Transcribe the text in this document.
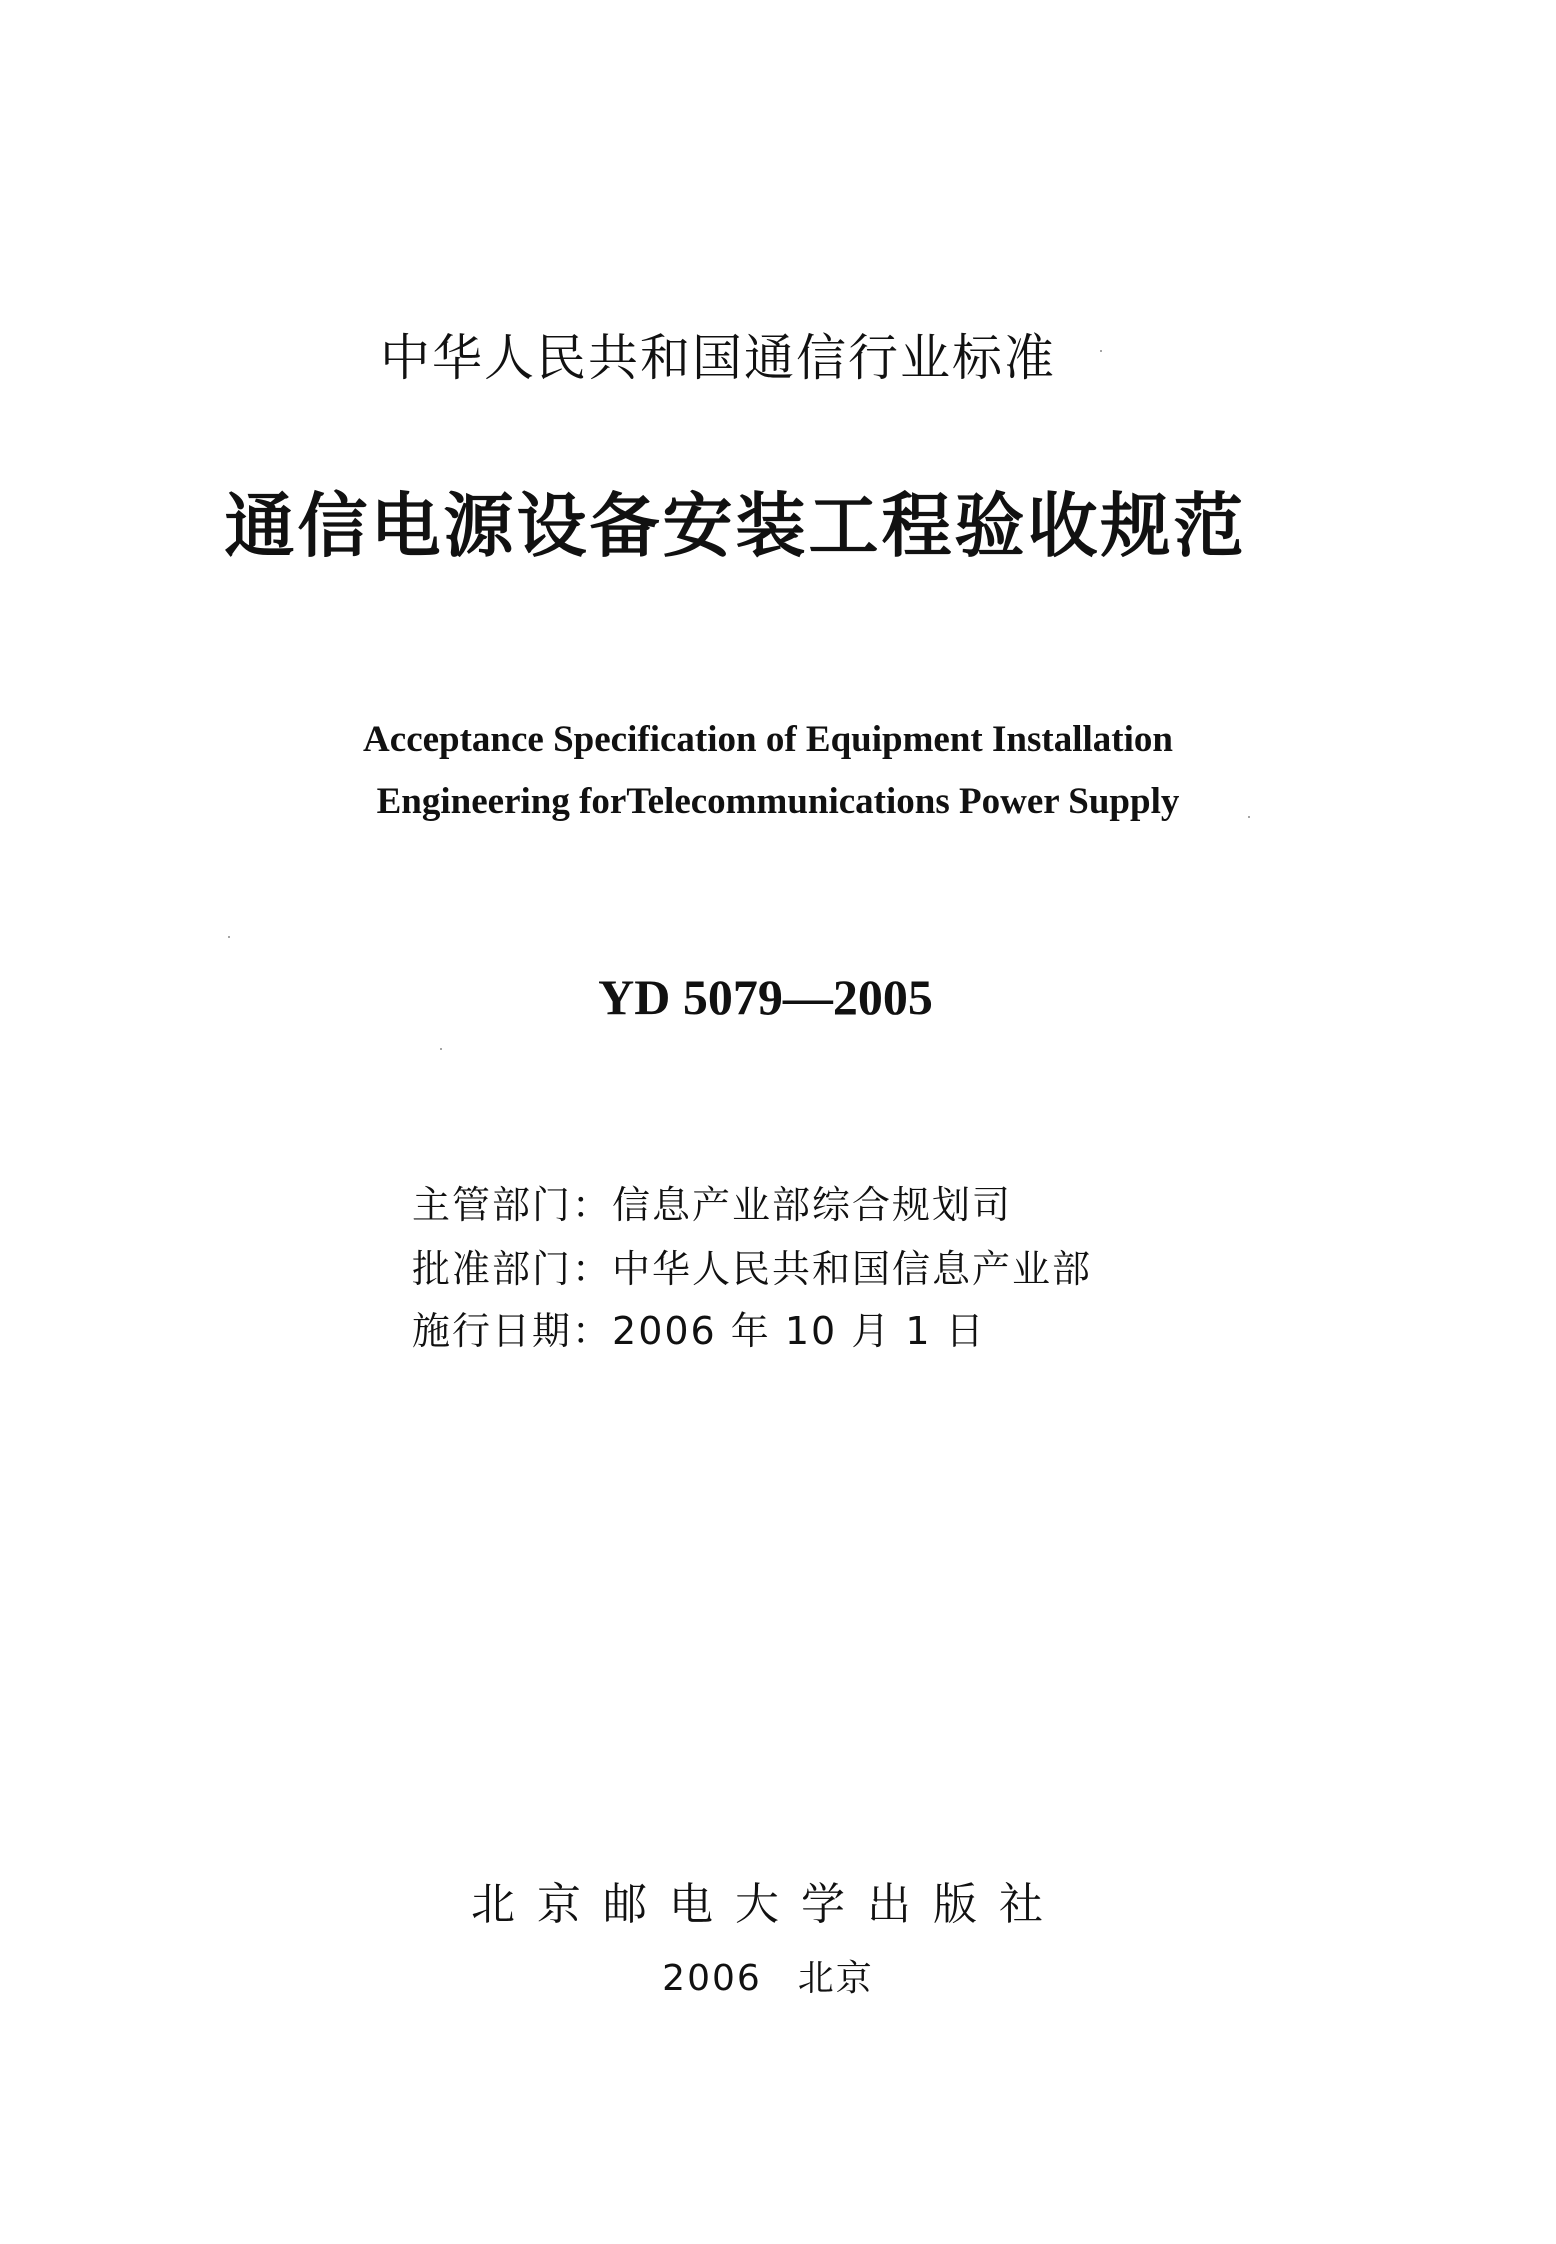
中华人民共和国通信行业标准
通信电源设备安装工程验收规范
Acceptance Specification of Equipment Installation
Engineering forTelecommunications Power Supply
YD 5079—2005
主管部门：信息产业部综合规划司
批准部门：中华人民共和国信息产业部
施行日期：2006 年 10 月 1 日
北京邮电大学出版社
2006 北京
